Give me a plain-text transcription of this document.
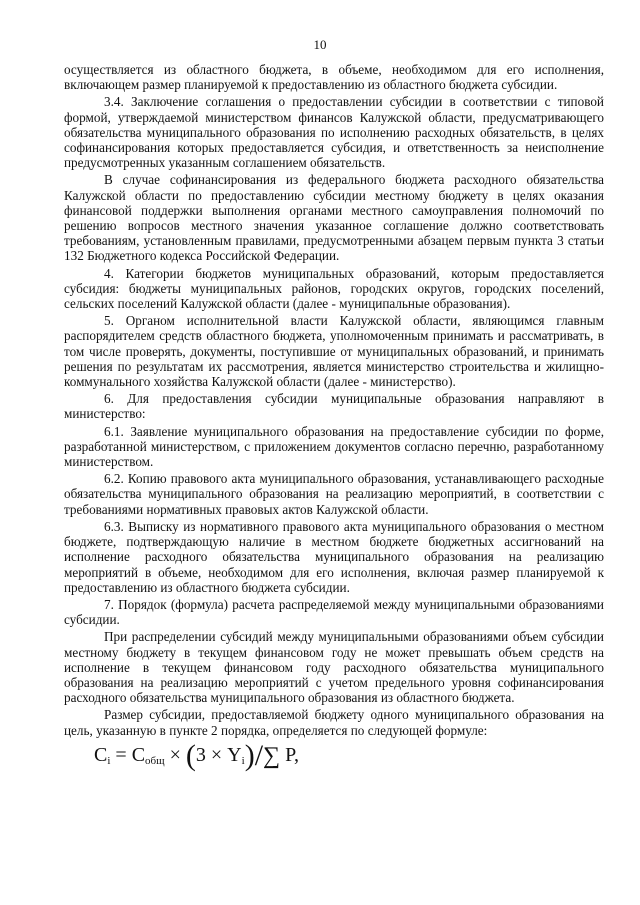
10

осуществляется из областного бюджета, в объеме, необходимом для его исполнения, включающем размер планируемой к предоставлению из областного бюджета субсидии.

3.4. Заключение соглашения о предоставлении субсидии в соответствии с типовой формой, утверждаемой министерством финансов Калужской области, предусматривающего обязательства муниципального образования по исполнению расходных обязательств, в целях софинансирования которых предоставляется субсидия, и ответственность за неисполнение предусмотренных указанным соглашением обязательств.

В случае софинансирования из федерального бюджета расходного обязательства Калужской области по предоставлению субсидии местному бюджету в целях оказания финансовой поддержки выполнения органами местного самоуправления полномочий по решению вопросов местного значения указанное соглашение должно соответствовать требованиям, установленным правилами, предусмотренными абзацем первым пункта 3 статьи 132 Бюджетного кодекса Российской Федерации.

4. Категории бюджетов муниципальных образований, которым предоставляется субсидия: бюджеты муниципальных районов, городских округов, городских поселений, сельских поселений Калужской области (далее - муниципальные образования).

5. Органом исполнительной власти Калужской области, являющимся главным распорядителем средств областного бюджета, уполномоченным принимать и рассматривать, в том числе проверять, документы, поступившие от муниципальных образований, и принимать решения по результатам их рассмотрения, является министерство строительства и жилищно-коммунального хозяйства Калужской области (далее - министерство).

6. Для предоставления субсидии муниципальные образования направляют в министерство:

6.1. Заявление муниципального образования на предоставление субсидии по форме, разработанной министерством, с приложением документов согласно перечню, разработанному министерством.

6.2. Копию правового акта муниципального образования, устанавливающего расходные обязательства муниципального образования на реализацию мероприятий, в соответствии с требованиями нормативных правовых актов Калужской области.

6.3. Выписку из нормативного правового акта муниципального образования о местном бюджете, подтверждающую наличие в местном бюджете бюджетных ассигнований на исполнение расходного обязательства муниципального образования на реализацию мероприятий в объеме, необходимом для его исполнения, включая размер планируемой к предоставлению из областного бюджета субсидии.

7. Порядок (формула) расчета распределяемой между муниципальными образованиями субсидии.

При распределении субсидий между муниципальными образованиями объем субсидии местному бюджету в текущем финансовом году не может превышать объем средств на исполнение в текущем финансовом году расходного обязательства муниципального образования на реализацию мероприятий с учетом предельного уровня софинансирования расходного обязательства муниципального образования из областного бюджета.

Размер субсидии, предоставляемой бюджету одного муниципального образования на цель, указанную в пункте 2 порядка, определяется по следующей формуле:

$C_i = C_{общ} \times (3 \times Y_i)/\sum$ P,
